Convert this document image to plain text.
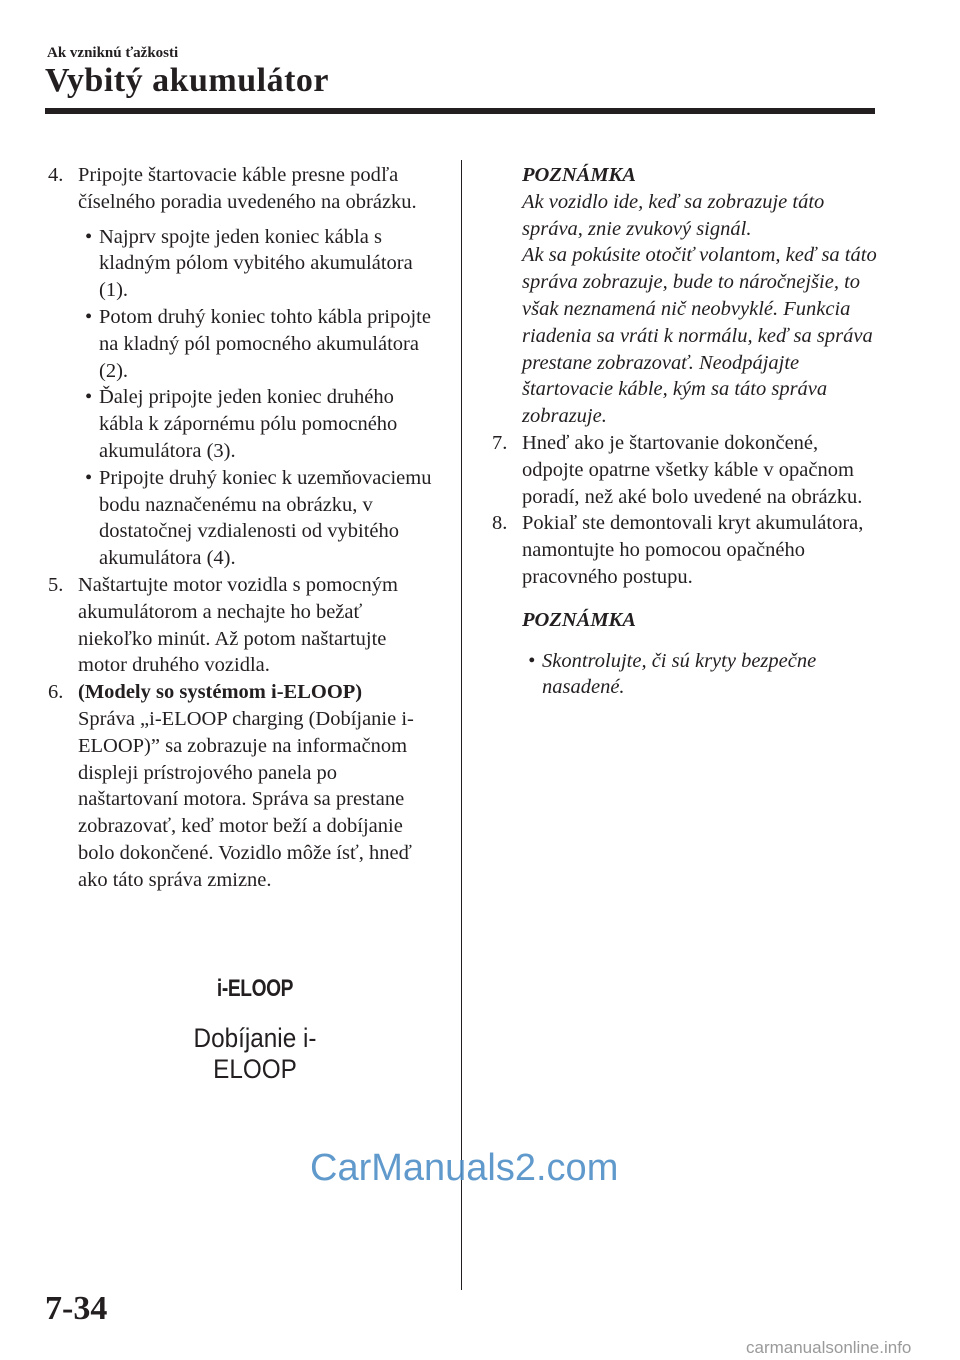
Ak vzniknú ťažkosti
Vybitý akumulátor
4. Pripojte štartovacie káble presne podľa číselného poradia uvedeného na obrázku.
• Najprv spojte jeden koniec kábla s kladným pólom vybitého akumulátora (1).
• Potom druhý koniec tohto kábla pripojte na kladný pól pomocného akumulátora (2).
• Ďalej pripojte jeden koniec druhého kábla k zápornému pólu pomocného akumulátora (3).
• Pripojte druhý koniec k uzemňovaciemu bodu naznačenému na obrázku, v dostatočnej vzdialenosti od vybitého akumulátora (4).
5. Naštartujte motor vozidla s pomocným akumulátorom a nechajte ho bežať niekoľko minút. Až potom naštartujte motor druhého vozidla.
6. (Modely so systémom i-ELOOP)
Správa „i-ELOOP charging (Dobíjanie i-ELOOP)” sa zobrazuje na informačnom displeji prístrojového panela po naštartovaní motora. Správa sa prestane zobrazovať, keď motor beží a dobíjanie bolo dokončené. Vozidlo môže ísť, hneď ako táto správa zmizne.
i-ELOOP
Dobíjanie i-ELOOP
POZNÁMKA
Ak vozidlo ide, keď sa zobrazuje táto správa, znie zvukový signál.
Ak sa pokúsite otočiť volantom, keď sa táto správa zobrazuje, bude to náročnejšie, to však neznamená nič neobvyklé. Funkcia riadenia sa vráti k normálu, keď sa správa prestane zobrazovať. Neodpájajte štartovacie káble, kým sa táto správa zobrazuje.
7. Hneď ako je štartovanie dokončené, odpojte opatrne všetky káble v opačnom poradí, než aké bolo uvedené na obrázku.
8. Pokiaľ ste demontovali kryt akumulátora, namontujte ho pomocou opačného pracovného postupu.
POZNÁMKA
• Skontrolujte, či sú kryty bezpečne nasadené.
CarManuals2.com
7-34
carmanualsonline.info
